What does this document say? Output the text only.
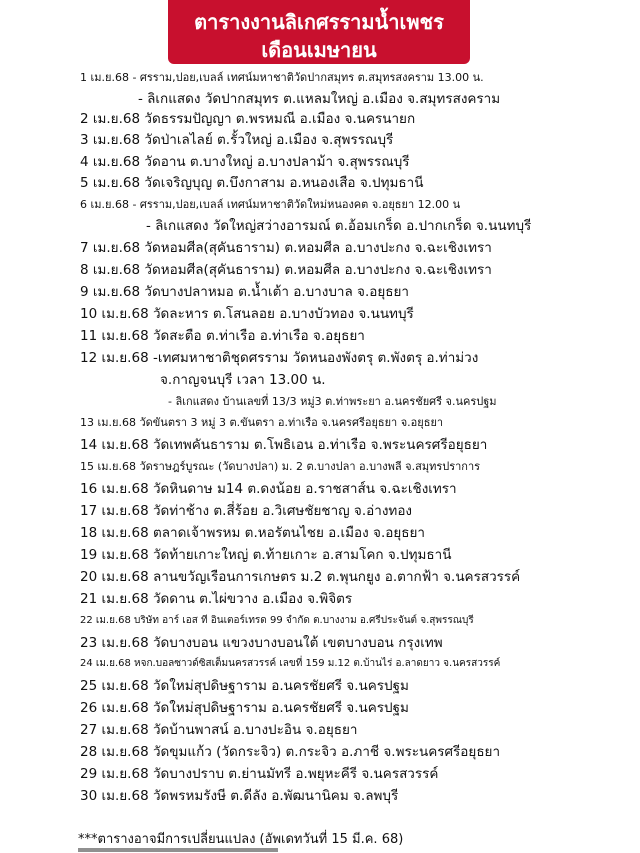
ตารางงานลิเกศรรามน้ำเพชร
เดือนเมษายน
1 เม.ย.68 - ศรราม,ปอย,เบลล์ เทศน์มหาชาติวัดปากสมุทร ต.สมุทรสงคราม 13.00 น.
- ลิเกแสดง วัดปากสมุทร ต.แหลมใหญ่ อ.เมือง จ.สมุทรสงคราม
2 เม.ย.68 วัดธรรมปัญญา ต.พรหมณี อ.เมือง จ.นครนายก
3 เม.ย.68 วัดป่าเลไลย์ ต.รั้วใหญ่ อ.เมือง จ.สุพรรณบุรี
4 เม.ย.68 วัดอาน ต.บางใหญ่ อ.บางปลาม้า จ.สุพรรณบุรี
5 เม.ย.68 วัดเจริญบุญ ต.บึงกาสาม อ.หนองเสือ จ.ปทุมธานี
6 เม.ย.68 - ศรราม,ปอย,เบลล์ เทศน์มหาชาติวัดใหม่หนองคต จ.อยุธยา 12.00 น
- ลิเกแสดง วัดใหญ่สว่างอารมณ์ ต.อ้อมเกร็ด อ.ปากเกร็ด จ.นนทบุรี
7 เม.ย.68 วัดหอมศีล(สุคันธาราม) ต.หอมศีล อ.บางปะกง จ.ฉะเชิงเทรา
8 เม.ย.68 วัดหอมศีล(สุคันธาราม) ต.หอมศีล อ.บางปะกง จ.ฉะเชิงเทรา
9 เม.ย.68 วัดบางปลาหมอ ต.น้ำเต้า อ.บางบาล จ.อยุธยา
10 เม.ย.68 วัดละหาร ต.โสนลอย อ.บางบัวทอง จ.นนทบุรี
11 เม.ย.68 วัดสะตือ ต.ท่าเรือ อ.ท่าเรือ จ.อยุธยา
12 เม.ย.68 -เทศมหาชาติชุดศรราม วัดหนองพังตรุ ต.พังตรุ อ.ท่าม่วง
จ.กาญจนบุรี เวลา 13.00 น.
- ลิเกแสดง บ้านเลขที่ 13/3 หมู่3 ต.ท่าพระยา อ.นครชัยศรี จ.นครปฐม
13 เม.ย.68 วัดขันตรา 3 หมู่ 3 ต.ขันตรา อ.ท่าเรือ จ.นครศรีอยุธยา จ.อยุธยา
14 เม.ย.68 วัดเทพคันธาราม ต.โพธิเอน อ.ท่าเรือ จ.พระนครศรีอยุธยา
15 เม.ย.68 วัดราษฎร์บูรณะ (วัดบางปลา) ม. 2 ต.บางปลา อ.บางพลี จ.สมุทรปราการ
16 เม.ย.68 วัดหินดาษ ม14 ต.ดงน้อย อ.ราชสาส์น จ.ฉะเชิงเทรา
17 เม.ย.68 วัดท่าช้าง ต.สี่ร้อย อ.วิเศษชัยชาญ จ.อ่างทอง
18 เม.ย.68 ตลาดเจ้าพรหม ต.หอรัตนไชย อ.เมือง จ.อยุธยา
19 เม.ย.68 วัดท้ายเกาะใหญ่ ต.ท้ายเกาะ อ.สามโคก จ.ปทุมธานี
20 เม.ย.68 ลานขวัญเรือนการเกษตร ม.2 ต.พุนกยูง อ.ตากฟ้า จ.นครสวรรค์
21 เม.ย.68 วัดดาน ต.ไผ่ขวาง อ.เมือง จ.พิจิตร
22 เม.ย.68 บริษัท อาร์ เอส ที อินเตอร์เทรด 99 จำกัด ต.บางงาม อ.ศรีประจันต์ จ.สุพรรณบุรี
23 เม.ย.68 วัดบางบอน แขวงบางบอนใต้ เขตบางบอน กรุงเทพ
24 เม.ย.68 หจก.บอลซาวด์ซิสเต็มนครสวรรค์ เลขที่ 159 ม.12 ต.บ้านไร่ อ.ลาดยาว จ.นครสวรรค์
25 เม.ย.68 วัดใหม่สุปดิษฐาราม อ.นครชัยศรี จ.นครปฐม
26 เม.ย.68 วัดใหม่สุปดิษฐาราม อ.นครชัยศรี จ.นครปฐม
27 เม.ย.68 วัดบ้านพาสน์ อ.บางปะอิน จ.อยุธยา
28 เม.ย.68 วัดขุมแก้ว (วัดกระจิว) ต.กระจิว อ.ภาชี จ.พระนครศรีอยุธยา
29 เม.ย.68 วัดบางปราบ ต.ย่านมัทรี อ.พยุหะคีรี จ.นครสวรรค์
30 เม.ย.68 วัดพรหมรังษี ต.ดีลัง อ.พัฒนานิคม จ.ลพบุรี
***ตารางอาจมีการเปลี่ยนแปลง (อัพเดทวันที่ 15 มี.ค. 68)
